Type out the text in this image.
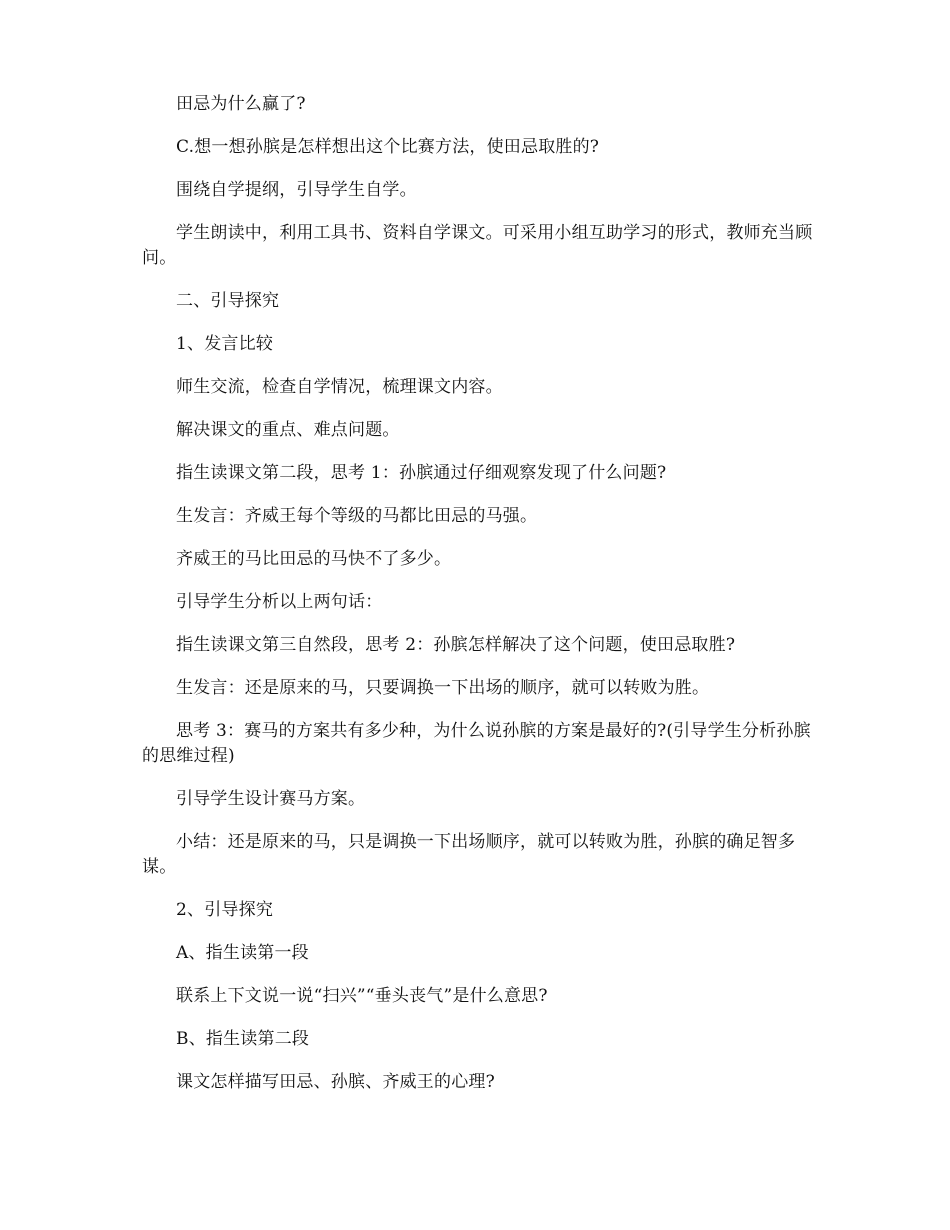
田忌为什么赢了?

C.想一想孙膑是怎样想出这个比赛方法，使田忌取胜的?

围绕自学提纲，引导学生自学。

学生朗读中，利用工具书、资料自学课文。可采用小组互助学习的形式，教师充当顾问。

二、引导探究

1、发言比较

师生交流，检查自学情况，梳理课文内容。

解决课文的重点、难点问题。

指生读课文第二段，思考 1：孙膑通过仔细观察发现了什么问题?

生发言：齐威王每个等级的马都比田忌的马强。

齐威王的马比田忌的马快不了多少。

引导学生分析以上两句话：

指生读课文第三自然段，思考 2：孙膑怎样解决了这个问题，使田忌取胜?

生发言：还是原来的马，只要调换一下出场的顺序，就可以转败为胜。

思考 3：赛马的方案共有多少种，为什么说孙膑的方案是最好的?(引导学生分析孙膑的思维过程)

引导学生设计赛马方案。

小结：还是原来的马，只是调换一下出场顺序，就可以转败为胜，孙膑的确足智多谋。

2、引导探究

A、指生读第一段

联系上下文说一说“扫兴”“垂头丧气”是什么意思?

B、指生读第二段

课文怎样描写田忌、孙膑、齐威王的心理?
